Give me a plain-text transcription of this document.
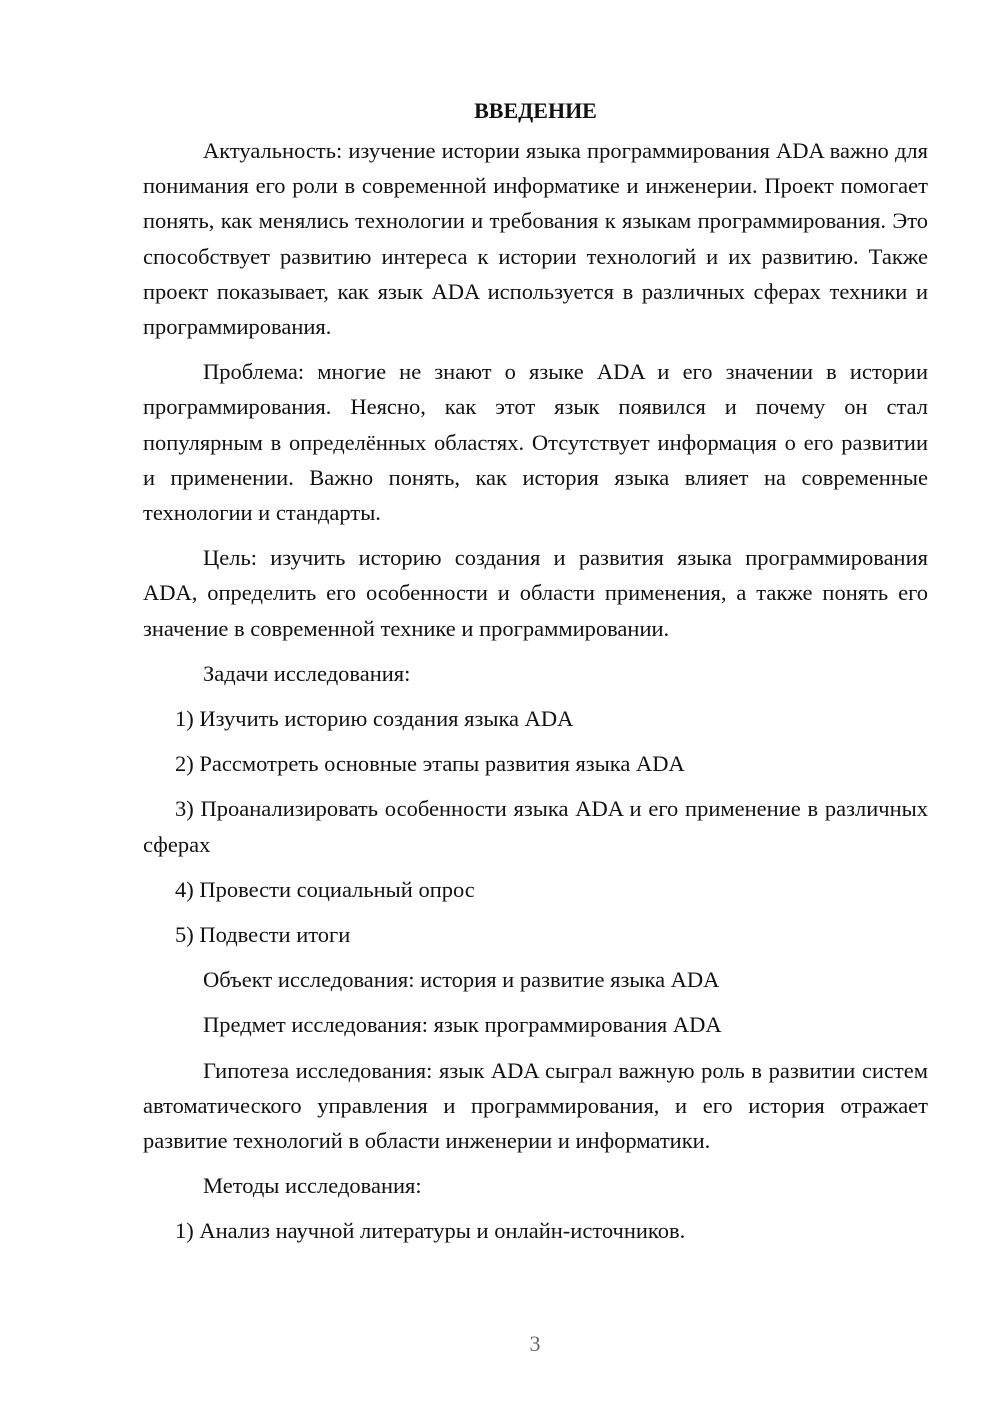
ВВЕДЕНИЕ

Актуальность: изучение истории языка программирования ADA важно для понимания его роли в современной информатике и инженерии. Проект помогает понять, как менялись технологии и требования к языкам программирования. Это способствует развитию интереса к истории технологий и их развитию. Также проект показывает, как язык ADA используется в различных сферах техники и программирования.

Проблема: многие не знают о языке ADA и его значении в истории программирования. Неясно, как этот язык появился и почему он стал популярным в определённых областях. Отсутствует информация о его развитии и применении. Важно понять, как история языка влияет на современные технологии и стандарты.

Цель: изучить историю создания и развития языка программирования ADA, определить его особенности и области применения, а также понять его значение в современной технике и программировании.

Задачи исследования:

1) Изучить историю создания языка ADA

2) Рассмотреть основные этапы развития языка ADA

3) Проанализировать особенности языка ADA и его применение в различных сферах

4) Провести социальный опрос

5) Подвести итоги

Объект исследования: история и развитие языка ADA

Предмет исследования: язык программирования ADA

Гипотеза исследования: язык ADA сыграл важную роль в развитии систем автоматического управления и программирования, и его история отражает развитие технологий в области инженерии и информатики.

Методы исследования:

1) Анализ научной литературы и онлайн-источников.

3
